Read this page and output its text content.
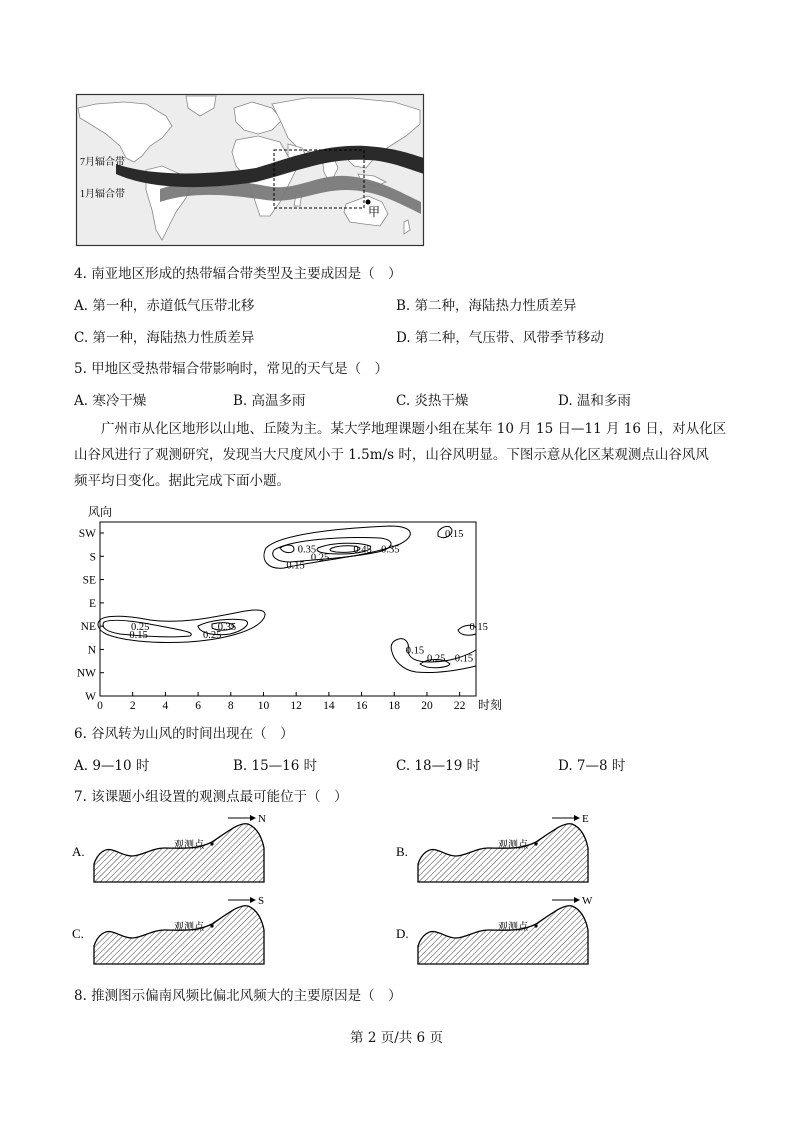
甲
7月辐合带
1月辐合带
4. 南亚地区形成的热带辐合带类型及主要成因是（　）
A. 第一种，赤道低气压带北移	B. 第二种，海陆热力性质差异
C. 第一种，海陆热力性质差异	D. 第二种，气压带、风带季节移动
5. 甲地区受热带辐合带影响时，常见的天气是（　）
A. 寒冷干燥	B. 高温多雨	C. 炎热干燥	D. 温和多雨
广州市从化区地形以山地、丘陵为主。某大学地理课题小组在某年 10 月 15 日—11 月 16 日，对从化区
山谷风进行了观测研究，发现当大尺度风小于 1.5m/s 时，山谷风明显。下图示意从化区某观测点山谷风风
频平均日变化。据此完成下面小题。
风向
时刻
SW
S
SE
E
NE
N
NW
W
0 2 4 6 8 10 12 14 16 18 20 22
0.15
0.35	0.45 0.35
0.25
0.15
0.25	0.35
0.15	0.25
0.15
0.15
0.25 0.15
6. 谷风转为山风的时间出现在（　）
A. 9—10 时	B. 15—16 时	C. 18—19 时	D. 7—8 时
7. 该课题小组设置的观测点最可能位于（　）
观测点
N
A.	观测点
E
B.
观测点
S
C.	观测点
W
D.
8. 推测图示偏南风频比偏北风频大的主要原因是（　）
第 2 页/共 6 页
